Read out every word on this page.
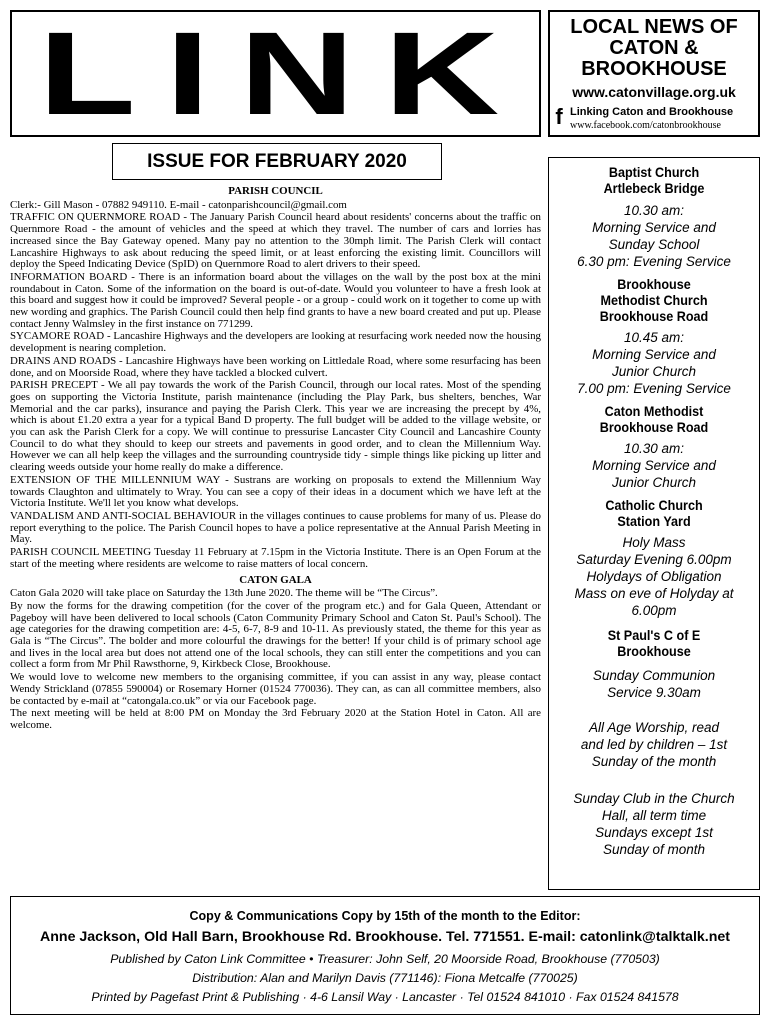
LINK	LOCAL NEWS OF CATON & BROOKHOUSE
www.catonvillage.org.uk
f Linking Caton and Brookhouse
www.facebook.com/catonbrookhouse
ISSUE FOR FEBRUARY 2020
PARISH COUNCIL
Clerk:- Gill Mason - 07882 949110. E-mail - catonparishcouncil@gmail.com
TRAFFIC ON QUERNMORE ROAD - The January Parish Council heard about residents' concerns about the traffic on Quernmore Road - the amount of vehicles and the speed at which they travel. The number of cars and lorries has increased since the Bay Gateway opened. Many pay no attention to the 30mph limit. The Parish Clerk will contact Lancashire Highways to ask about reducing the speed limit, or at least enforcing the existing limit. Councillors will deploy the Speed Indicating Device (SpID) on Quernmore Road to alert drivers to their speed.
INFORMATION BOARD - There is an information board about the villages on the wall by the post box at the mini roundabout in Caton. Some of the information on the board is out-of-date. Would you volunteer to have a fresh look at this board and suggest how it could be improved? Several people - or a group - could work on it together to come up with new wording and graphics. The Parish Council could then help find grants to have a new board created and put up. Please contact Jenny Walmsley in the first instance on 771299.
SYCAMORE ROAD - Lancashire Highways and the developers are looking at resurfacing work needed now the housing development is nearing completion.
DRAINS AND ROADS - Lancashire Highways have been working on Littledale Road, where some resurfacing has been done, and on Moorside Road, where they have tackled a blocked culvert.
PARISH PRECEPT - We all pay towards the work of the Parish Council, through our local rates. Most of the spending goes on supporting the Victoria Institute, parish maintenance (including the Play Park, bus shelters, benches, War Memorial and the car parks), insurance and paying the Parish Clerk. This year we are increasing the precept by 4%, which is about £1.20 extra a year for a typical Band D property. The full budget will be added to the village website, or you can ask the Parish Clerk for a copy. We will continue to pressurise Lancaster City Council and Lancashire County Council to do what they should to keep our streets and pavements in good order, and to clean the Millennium Way. However we can all help keep the villages and the surrounding countryside tidy - simple things like picking up litter and clearing weeds outside your home really do make a difference.
EXTENSION OF THE MILLENNIUM WAY - Sustrans are working on proposals to extend the Millennium Way towards Claughton and ultimately to Wray. You can see a copy of their ideas in a document which we have left at the Victoria Institute. We'll let you know what develops.
VANDALISM AND ANTI-SOCIAL BEHAVIOUR in the villages continues to cause problems for many of us. Please do report everything to the police. The Parish Council hopes to have a police representative at the Annual Parish Meeting in May.
PARISH COUNCIL MEETING Tuesday 11 February at 7.15pm in the Victoria Institute. There is an Open Forum at the start of the meeting where residents are welcome to raise matters of local concern.
CATON GALA
Caton Gala 2020 will take place on Saturday the 13th June 2020. The theme will be “The Circus”.
By now the forms for the drawing competition (for the cover of the program etc.) and for Gala Queen, Attendant or Pageboy will have been delivered to local schools (Caton Community Primary School and Caton St. Paul's School). The age categories for the drawing competition are: 4-5, 6-7, 8-9 and 10-11. As previously stated, the theme for this year as Gala is “The Circus”. The bolder and more colourful the drawings for the better! If your child is of primary school age and lives in the local area but does not attend one of the local schools, they can still enter the competitions and you can collect a form from Mr Phil Rawsthorne, 9, Kirkbeck Close, Brookhouse.
We would love to welcome new members to the organising committee, if you can assist in any way, please contact Wendy Strickland (07855 590004) or Rosemary Horner (01524 770036). They can, as can all committee members, also be contacted by e-mail at “catongala.co.uk” or via our Facebook page.
The next meeting will be held at 8:00 PM on Monday the 3rd February 2020 at the Station Hotel in Caton. All are welcome.
Baptist Church
Artlebeck Bridge
10.30 am:
Morning Service and
Sunday School
6.30 pm: Evening Service
Brookhouse
Methodist Church
Brookhouse Road
10.45 am:
Morning Service and
Junior Church
7.00 pm: Evening Service
Caton Methodist
Brookhouse Road
10.30 am:
Morning Service and
Junior Church
Catholic Church
Station Yard
Holy Mass
Saturday Evening 6.00pm
Holydays of Obligation
Mass on eve of Holyday at
6.00pm
St Paul's C of E
Brookhouse
Sunday Communion
Service 9.30am
All Age Worship, read
and led by children – 1st
Sunday of the month
Sunday Club in the Church
Hall, all term time
Sundays except 1st
Sunday of month
Copy & Communications Copy by 15th of the month to the Editor:
Anne Jackson, Old Hall Barn, Brookhouse Rd. Brookhouse. Tel. 771551. E-mail: catonlink@talktalk.net
Published by Caton Link Committee • Treasurer: John Self, 20 Moorside Road, Brookhouse (770503)
Distribution: Alan and Marilyn Davis (771146): Fiona Metcalfe (770025)
Printed by Pagefast Print & Publishing · 4-6 Lansil Way · Lancaster · Tel 01524 841010 · Fax 01524 841578
